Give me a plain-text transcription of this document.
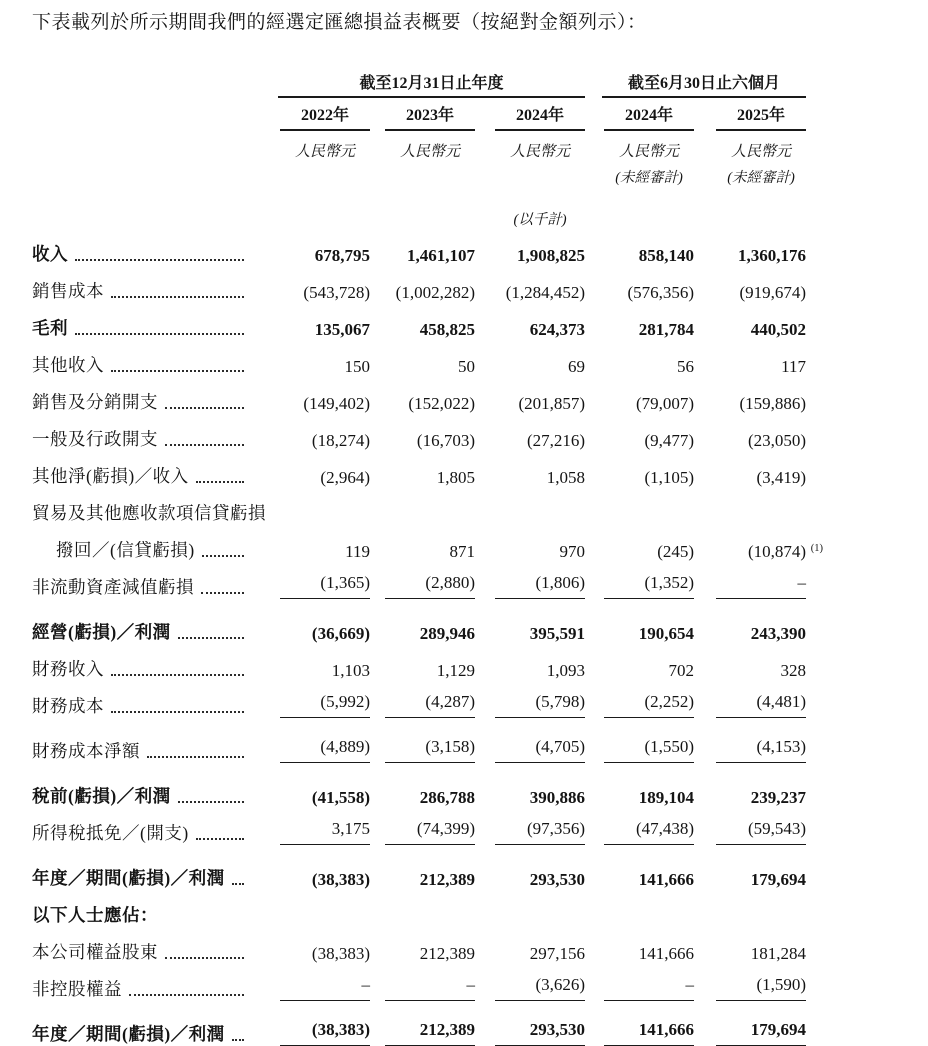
下表載列於所示期間我們的經選定匯總損益表概要（按絕對金額列示）：

	截至12月31日止年度			截至6月30日止六個月	

	2022年	2023年	2024年	2024年	2025年

	人民幣元	人民幣元	人民幣元	人民幣元	人民幣元

				(未經審計)	(未經審計)

			(以千計)		

收入	678,795	1,461,107	1,908,825	858,140	1,360,176

銷售成本	(543,728)	(1,002,282)	(1,284,452)	(576,356)	(919,674)

毛利	135,067	458,825	624,373	281,784	440,502

其他收入	150	50	69	56	117

銷售及分銷開支	(149,402)	(152,022)	(201,857)	(79,007)	(159,886)

一般及行政開支	(18,274)	(16,703)	(27,216)	(9,477)	(23,050)

其他淨(虧損)／收入	(2,964)	1,805	1,058	(1,105)	(3,419)

貿易及其他應收款項信貸虧損					

撥回／(信貸虧損)	119	871	970	(245)	(10,874) (1)

非流動資產減值虧損	(1,365)	(2,880)	(1,806)	(1,352)	–

經營(虧損)／利潤	(36,669)	289,946	395,591	190,654	243,390

財務收入	1,103	1,129	1,093	702	328

財務成本	(5,992)	(4,287)	(5,798)	(2,252)	(4,481)

財務成本淨額	(4,889)	(3,158)	(4,705)	(1,550)	(4,153)

稅前(虧損)／利潤	(41,558)	286,788	390,886	189,104	239,237

所得稅抵免／(開支)	3,175	(74,399)	(97,356)	(47,438)	(59,543)

年度／期間(虧損)／利潤	(38,383)	212,389	293,530	141,666	179,694

以下人士應佔：					

本公司權益股東	(38,383)	212,389	297,156	141,666	181,284

非控股權益	–	–	(3,626)	–	(1,590)

年度／期間(虧損)／利潤	(38,383)	212,389	293,530	141,666	179,694
